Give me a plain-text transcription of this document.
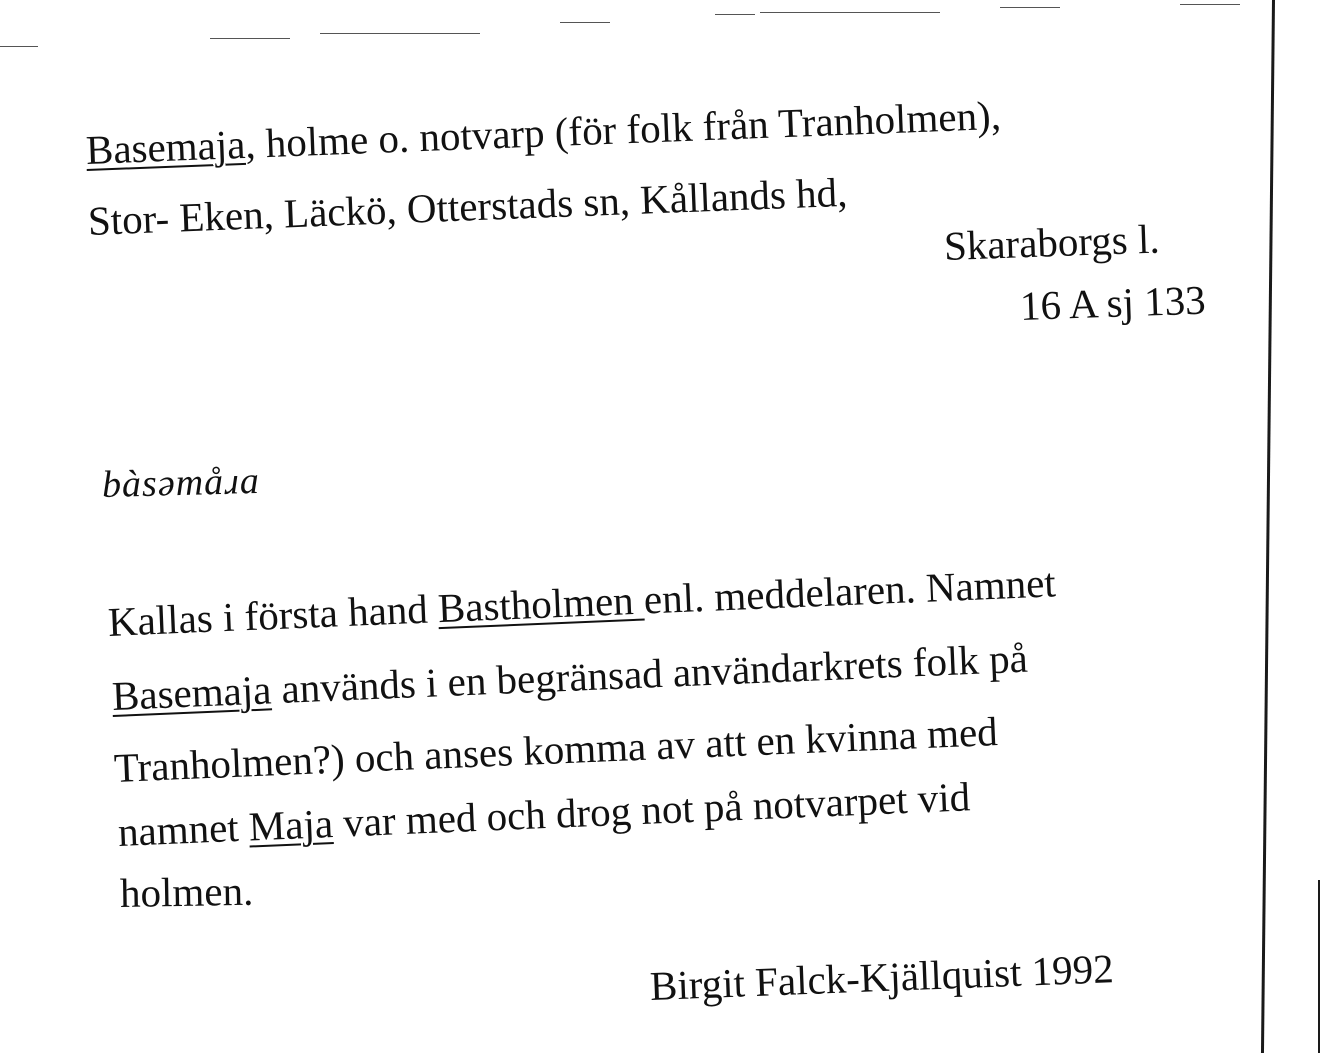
Basemaja, holme o. notvarp (för folk från Tranholmen),
Stor- Eken, Läckö, Otterstads sn, Kållands hd, Skaraborgs l.
16 A sj 133
bàsəmåɹa
Kallas i första hand Bastholmen enl. meddelaren. Namnet
Basemaja används i en begränsad användarkrets folk på
Tranholmen?) och anses komma av att en kvinna med
namnet Maja var med och drog not på notvarpet vid
holmen.
Birgit Falck-Kjällquist 1992
